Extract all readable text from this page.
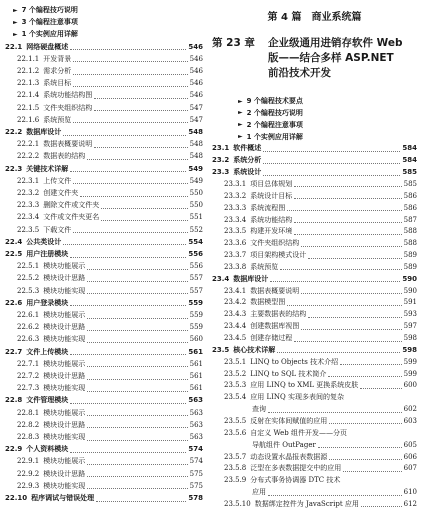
► 7 个编程技巧说明
► 3 个编程注意事项
► 1 个实例应用详解
22.1 网络硬盘概述	546
22.1.1 开发背景	546
22.1.2 需求分析	546
22.1.3 系统目标	546
22.1.4 系统功能结构图	546
22.1.5 文件夹组织结构	547
22.1.6 系统预览	547
22.2 数据库设计	548
22.2.1 数据表概要说明	548
22.2.2 数据表的结构	548
22.3 关键技术详解	549
22.3.1 上传文件	549
22.3.2 创建文件夹	550
22.3.3 删除文件或文件夹	550
22.3.4 文件或文件夹更名	551
22.3.5 下载文件	552
22.4 公共类设计	554
22.5 用户注册模块	556
22.5.1 模块功能展示	556
22.5.2 模块设计思路	557
22.5.3 模块功能实现	557
22.6 用户登录模块	559
22.6.1 模块功能展示	559
22.6.2 模块设计思路	559
22.6.3 模块功能实现	560
22.7 文件上传模块	561
22.7.1 模块功能展示	561
22.7.2 模块设计思路	561
22.7.3 模块功能实现	561
22.8 文件管理模块	563
22.8.1 模块功能展示	563
22.8.2 模块设计思路	563
22.8.3 模块功能实现	563
22.9 个人资料模块	574
22.9.1 模块功能展示	574
22.9.2 模块设计思路	575
22.9.3 模块功能实现	575
22.10 程序调试与错误处理	578
第 4 篇　商业系统篇
第 23 章 企业级通用进销存软件 Web
版——结合多样 ASP.NET
前沿技术开发
► 9 个编程技术要点
► 2 个编程技巧说明
► 2 个编程注意事项
► 1 个实例应用详解
23.1 软件概述	584
23.2 系统分析	584
23.3 系统设计	585
23.3.1 项目总体规划	585
23.3.2 系统设计目标	586
23.3.3 系统流程图	586
23.3.4 系统功能结构	587
23.3.5 构建开发环境	588
23.3.6 文件夹组织结构	588
23.3.7 项目架构模式设计	589
23.3.8 系统预览	589
23.4 数据库设计	590
23.4.1 数据表概要说明	590
23.4.2 数据模型图	591
23.4.3 主要数据表的结构	593
23.4.4 创建数据库视图	597
23.4.5 创建存储过程	598
23.5 核心技术详解	598
23.5.1 LINQ to Objects 技术介绍	599
23.5.2 LINQ to SQL 技术简介	599
23.5.3 应用 LINQ to XML 更换系统皮肤	600
23.5.4 应用 LINQ 实现多表间的复杂
查询	602
23.5.5 反射在实体间赋值的应用	603
23.5.6 自定义 Web 组件开发——分页
导航组件 OutPager	605
23.5.7 动态设置水晶报表数据源	606
23.5.8 泛型在多表数据提交中的应用	607
23.5.9 分布式事务协调器 DTC 技术
应用	610
23.5.10 数据绑定控件为 JavaScript 应用	612
